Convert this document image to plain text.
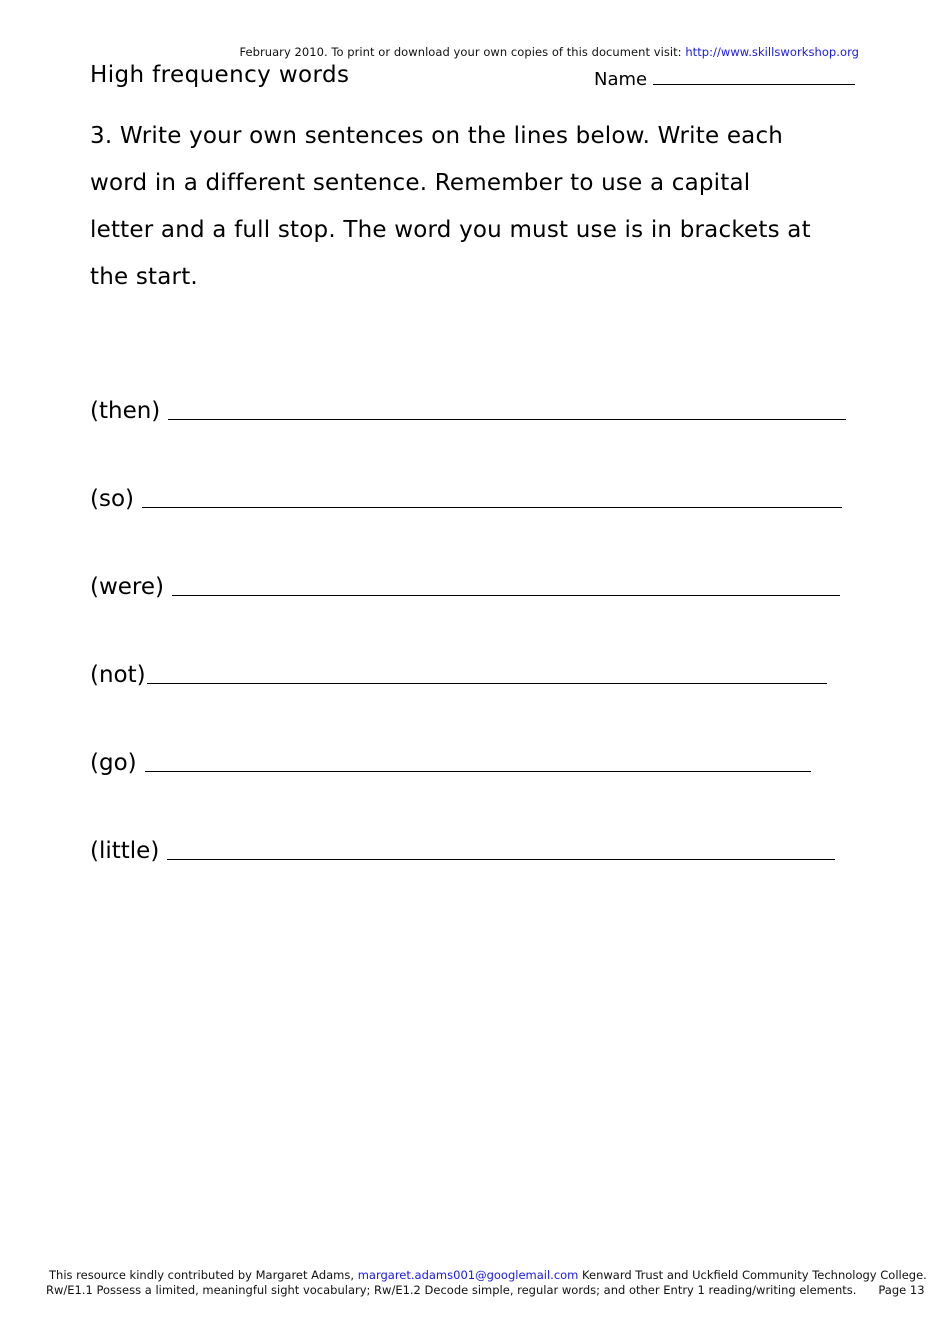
February 2010. To print or download your own copies of this document visit: http://www.skillsworkshop.org
High frequency words	Name
3. Write your own sentences on the lines below. Write each
word in a different sentence. Remember to use a capital
letter and a full stop. The word you must use is in brackets at
the start.
(then)
(so)
(were)
(not)
(go)
(little)
This resource kindly contributed by Margaret Adams, margaret.adams001@googlemail.com Kenward Trust and Uckfield Community Technology College.
Rw/E1.1 Possess a limited, meaningful sight vocabulary; Rw/E1.2 Decode simple, regular words; and other Entry 1 reading/writing elements. Page 13
